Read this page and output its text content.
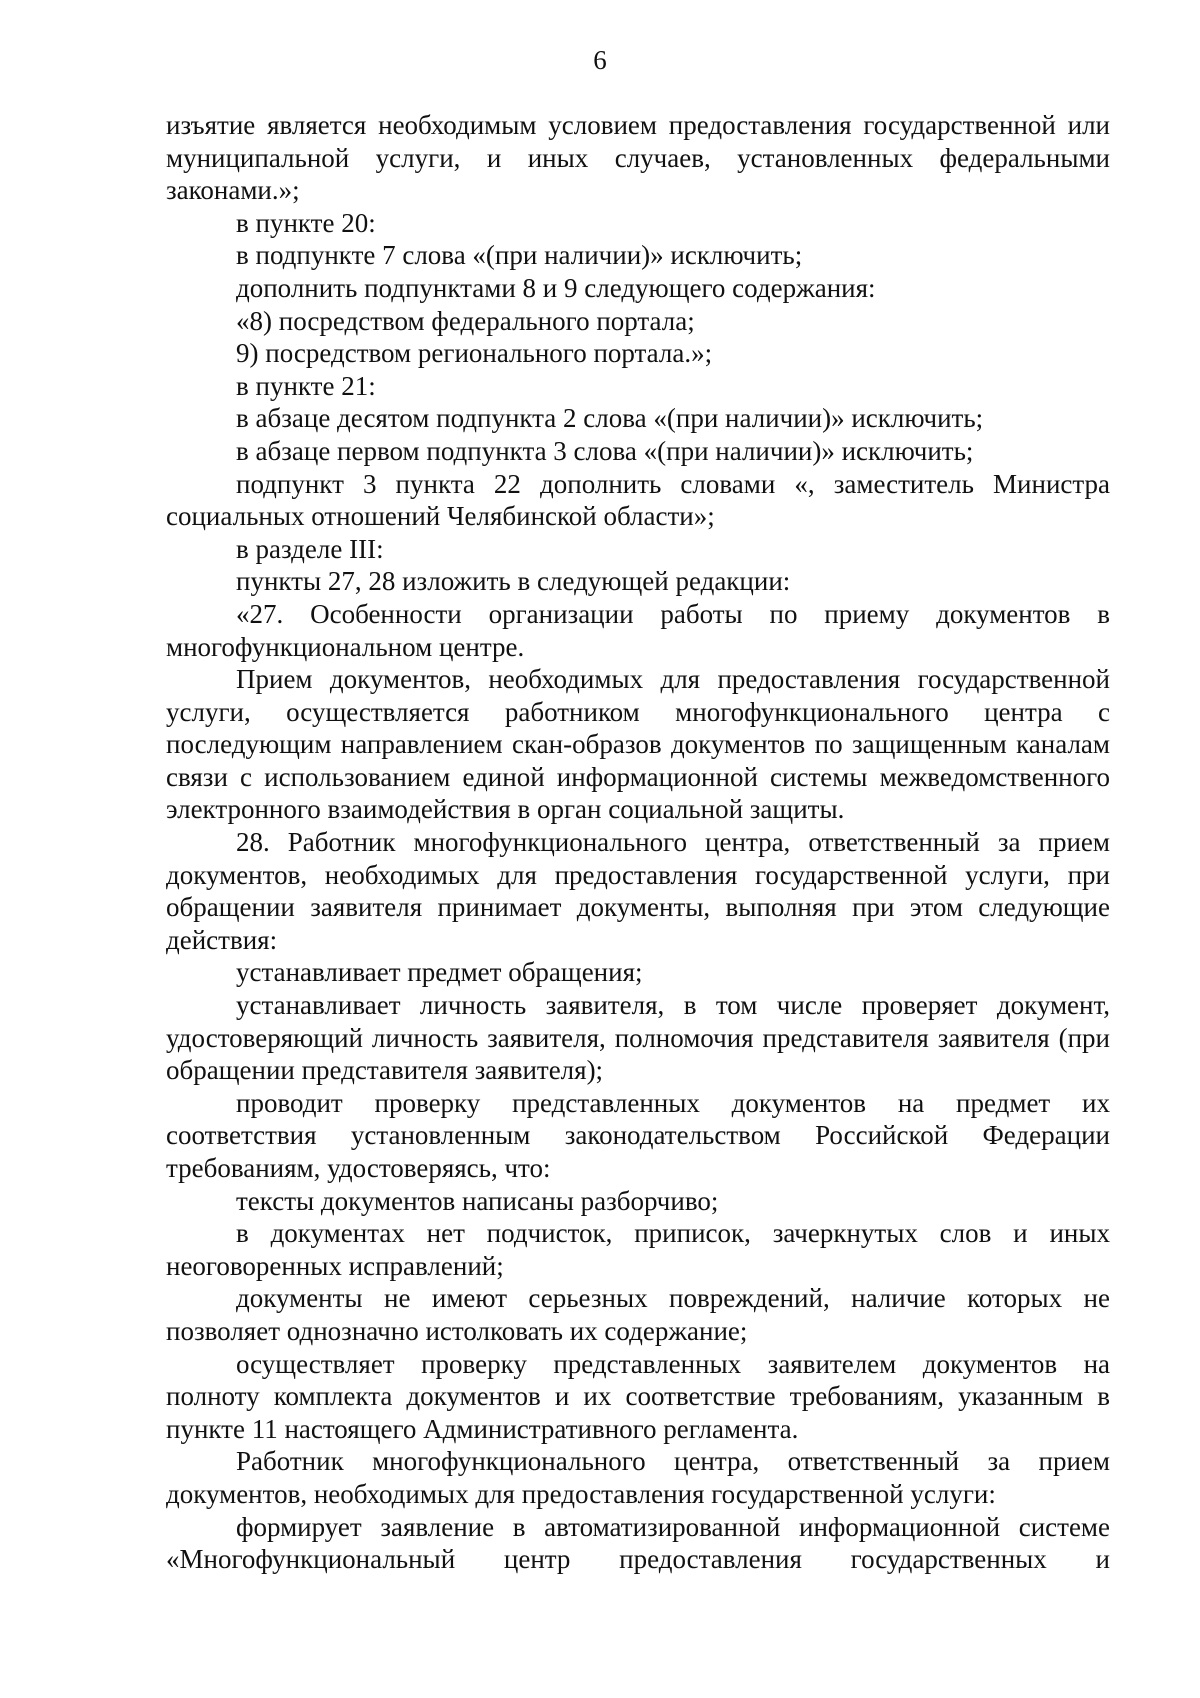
6

изъятие является необходимым условием предоставления государственной или муниципальной услуги, и иных случаев, установленных федеральными законами.»;

в пункте 20:

в подпункте 7 слова «(при наличии)» исключить;

дополнить подпунктами 8 и 9 следующего содержания:

«8) посредством федерального портала;

9) посредством регионального портала.»;

в пункте 21:

в абзаце десятом подпункта 2 слова «(при наличии)» исключить;

в абзаце первом подпункта 3 слова «(при наличии)» исключить;

подпункт 3 пункта 22 дополнить словами «, заместитель Министра социальных отношений Челябинской области»;

в разделе III:

пункты 27, 28 изложить в следующей редакции:

«27. Особенности организации работы по приему документов в многофункциональном центре.

Прием документов, необходимых для предоставления государственной услуги, осуществляется работником многофункционального центра с последующим направлением скан-образов документов по защищенным каналам связи с использованием единой информационной системы межведомственного электронного взаимодействия в орган социальной защиты.

28. Работник многофункционального центра, ответственный за прием документов, необходимых для предоставления государственной услуги, при обращении заявителя принимает документы, выполняя при этом следующие действия:

устанавливает предмет обращения;

устанавливает личность заявителя, в том числе проверяет документ, удостоверяющий личность заявителя, полномочия представителя заявителя (при обращении представителя заявителя);

проводит проверку представленных документов на предмет их соответствия установленным законодательством Российской Федерации требованиям, удостоверяясь, что:

тексты документов написаны разборчиво;

в документах нет подчисток, приписок, зачеркнутых слов и иных неоговоренных исправлений;

документы не имеют серьезных повреждений, наличие которых не позволяет однозначно истолковать их содержание;

осуществляет проверку представленных заявителем документов на полноту комплекта документов и их соответствие требованиям, указанным в пункте 11 настоящего Административного регламента.

Работник многофункционального центра, ответственный за прием документов, необходимых для предоставления государственной услуги:

формирует заявление в автоматизированной информационной системе «Многофункциональный центр предоставления государственных и
